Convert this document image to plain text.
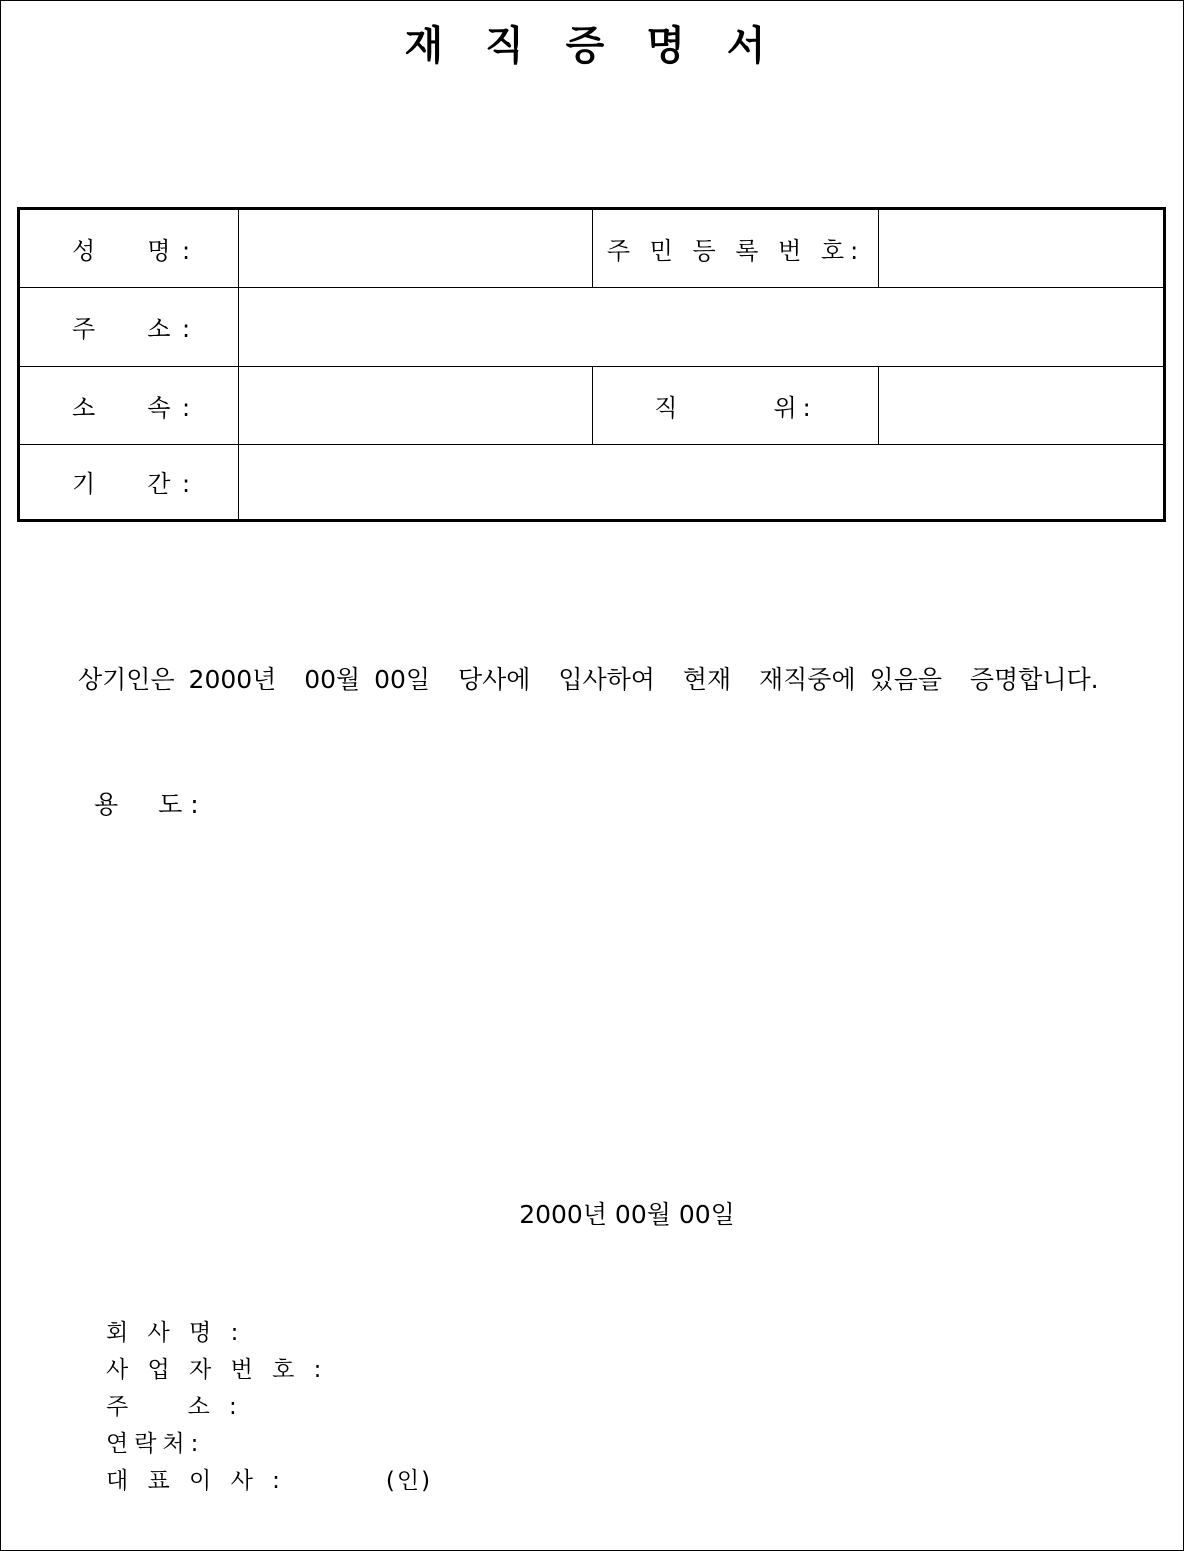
재 직 증 명 서
성 명 :		주 민 등 록 번 호:	
주 소 :			
소 속 :		직 위:	
기 간 :			
상기인은 2000년  00월 00일  당사에  입사하여  현재  재직중에 있음을  증명합니다.
용 도 :
2000년 00월 00일
회 사 명 :
사 업 자 번 호 :
주    소 :
연락처:
대 표 이 사 :	(인)
